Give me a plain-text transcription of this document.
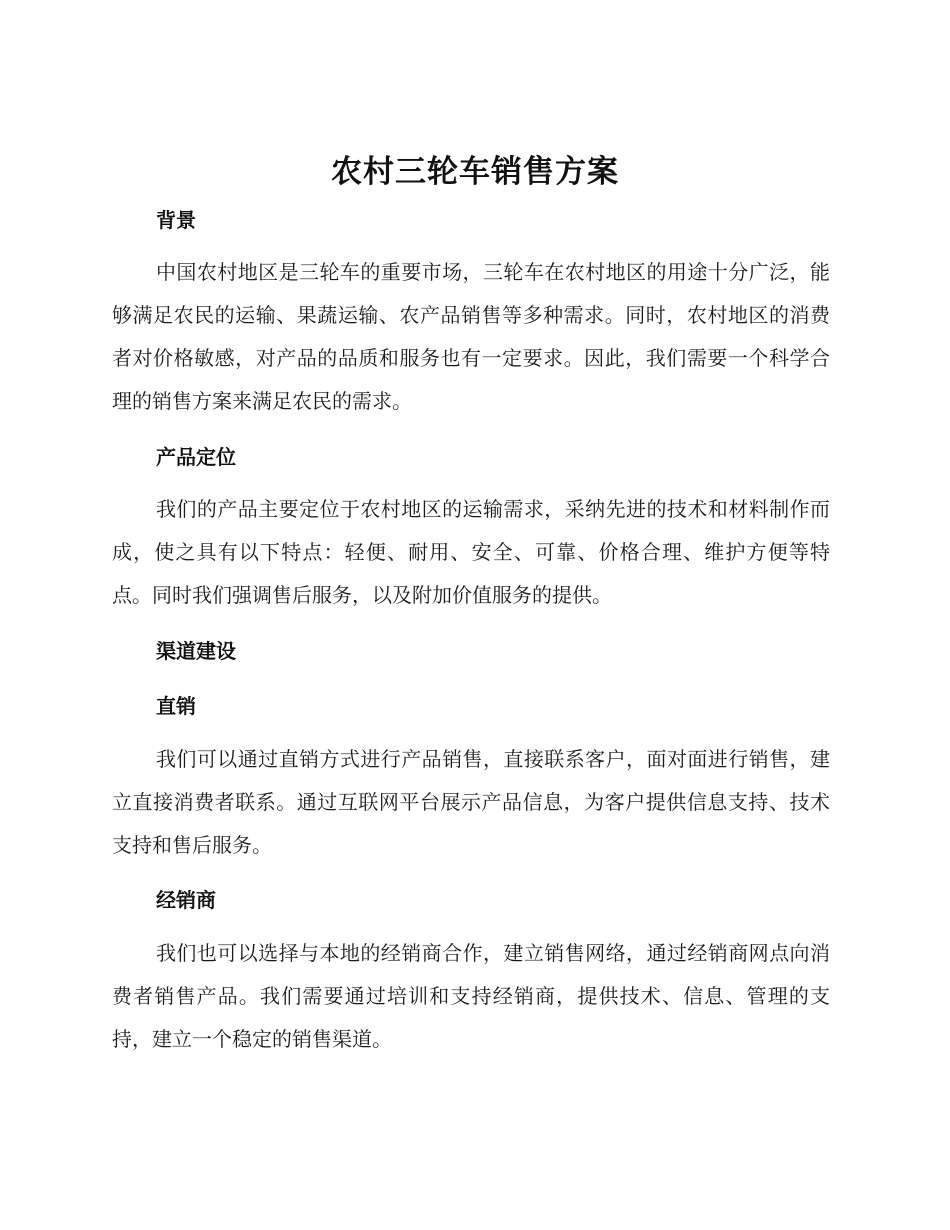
农村三轮车销售方案
背景

中国农村地区是三轮车的重要市场，三轮车在农村地区的用途十分广泛，能够满足农民的运输、果蔬运输、农产品销售等多种需求。同时，农村地区的消费者对价格敏感，对产品的品质和服务也有一定要求。因此，我们需要一个科学合理的销售方案来满足农民的需求。

产品定位

我们的产品主要定位于农村地区的运输需求，采纳先进的技术和材料制作而成，使之具有以下特点：轻便、耐用、安全、可靠、价格合理、维护方便等特点。同时我们强调售后服务，以及附加价值服务的提供。

渠道建设
直销

我们可以通过直销方式进行产品销售，直接联系客户，面对面进行销售，建立直接消费者联系。通过互联网平台展示产品信息，为客户提供信息支持、技术支持和售后服务。

经销商

我们也可以选择与本地的经销商合作，建立销售网络，通过经销商网点向消费者销售产品。我们需要通过培训和支持经销商，提供技术、信息、管理的支持，建立一个稳定的销售渠道。
